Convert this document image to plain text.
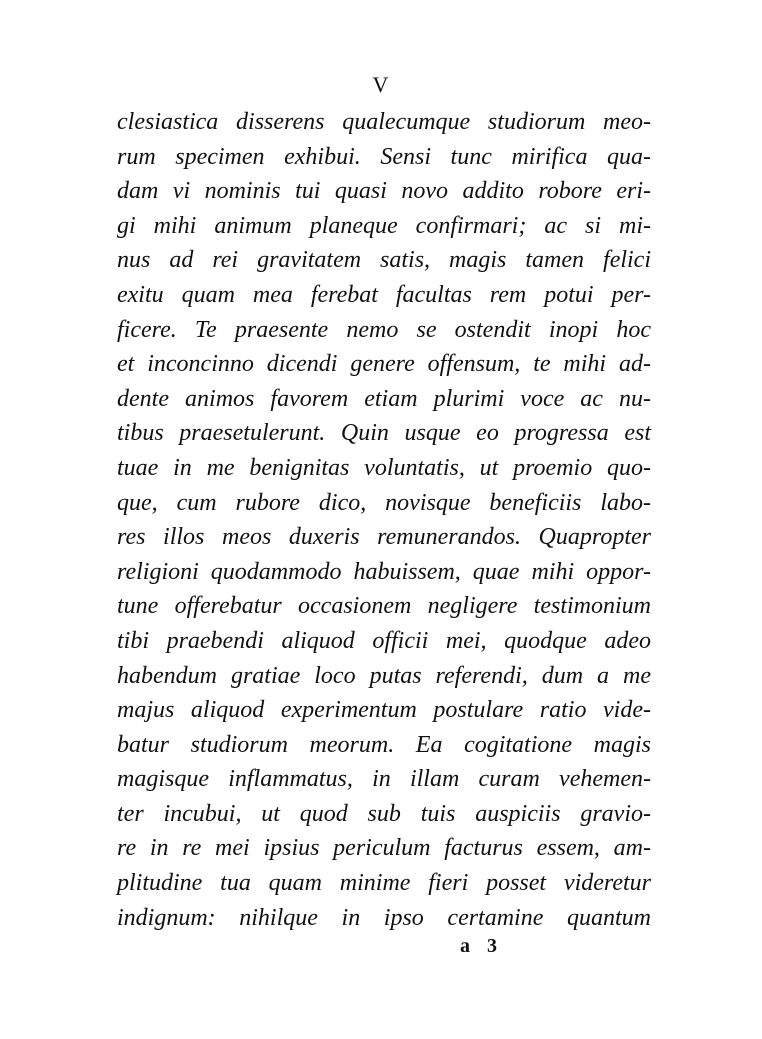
V
clesiastica disserens qualecumque studiorum meo-
rum specimen exhibui. Sensi tunc mirifica qua-
dam vi nominis tui quasi novo addito robore eri-
gi mihi animum planeque confirmari; ac si mi-
nus ad rei gravitatem satis, magis tamen felici
exitu quam mea ferebat facultas rem potui per-
ficere. Te praesente nemo se ostendit inopi hoc
et inconcinno dicendi genere offensum, te mihi ad-
dente animos favorem etiam plurimi voce ac nu-
tibus praesetulerunt. Quin usque eo progressa est
tuae in me benignitas voluntatis, ut proemio quo-
que, cum rubore dico, novisque beneficiis labo-
res illos meos duxeris remunerandos. Quapropter
religioni quodammodo habuissem, quae mihi oppor-
tune offerebatur occasionem negligere testimonium
tibi praebendi aliquod officii mei, quodque adeo
habendum gratiae loco putas referendi, dum a me
majus aliquod experimentum postulare ratio vide-
batur studiorum meorum. Ea cogitatione magis
magisque inflammatus, in illam curam vehemen-
ter incubui, ut quod sub tuis auspiciis gravio-
re in re mei ipsius periculum facturus essem, am-
plitudine tua quam minime fieri posset videretur
indignum: nihilque in ipso certamine quantum
a 3
